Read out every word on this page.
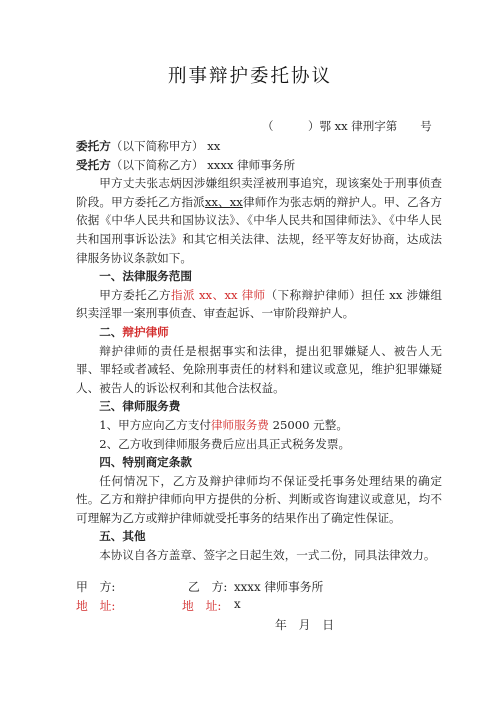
刑事辩护委托协议
（　　　）鄂 xx 律刑字第　　号

委托方（以下简称甲方） xx

受托方（以下简称乙方） xxxx 律师事务所

甲方丈夫张志炳因涉嫌组织卖淫被刑事追究，现该案处于刑事侦查阶段。甲方委托乙方指派xx、xx律师作为张志炳的辩护人。甲、乙各方依据《中华人民共和国协议法》、《中华人民共和国律师法》、《中华人民共和国刑事诉讼法》和其它相关法律、法规，经平等友好协商，达成法律服务协议条款如下。

一、法律服务范围

甲方委托乙方指派 xx、xx 律师（下称辩护律师）担任 xx 涉嫌组织卖淫罪一案刑事侦查、审查起诉、一审阶段辩护人。

二、辩护律师

辩护律师的责任是根据事实和法律，提出犯罪嫌疑人、被告人无罪、罪轻或者减轻、免除刑事责任的材料和建议或意见，维护犯罪嫌疑人、被告人的诉讼权利和其他合法权益。

三、律师服务费

1、甲方应向乙方支付律师服务费 25000 元整。

2、乙方收到律师服务费后应出具正式税务发票。

四、特别商定条款

任何情况下，乙方及辩护律师均不保证受托事务处理结果的确定性。乙方和辩护律师向甲方提供的分析、判断或咨询建议或意见，均不可理解为乙方或辩护律师就受托事务的结果作出了确定性保证。

五、其他

本协议自各方盖章、签字之日起生效，一式二份，同具法律效力。

甲　方:

	乙　方:

xxxx 律师事务所

地　址:

	地　址:

x

年　月　日
